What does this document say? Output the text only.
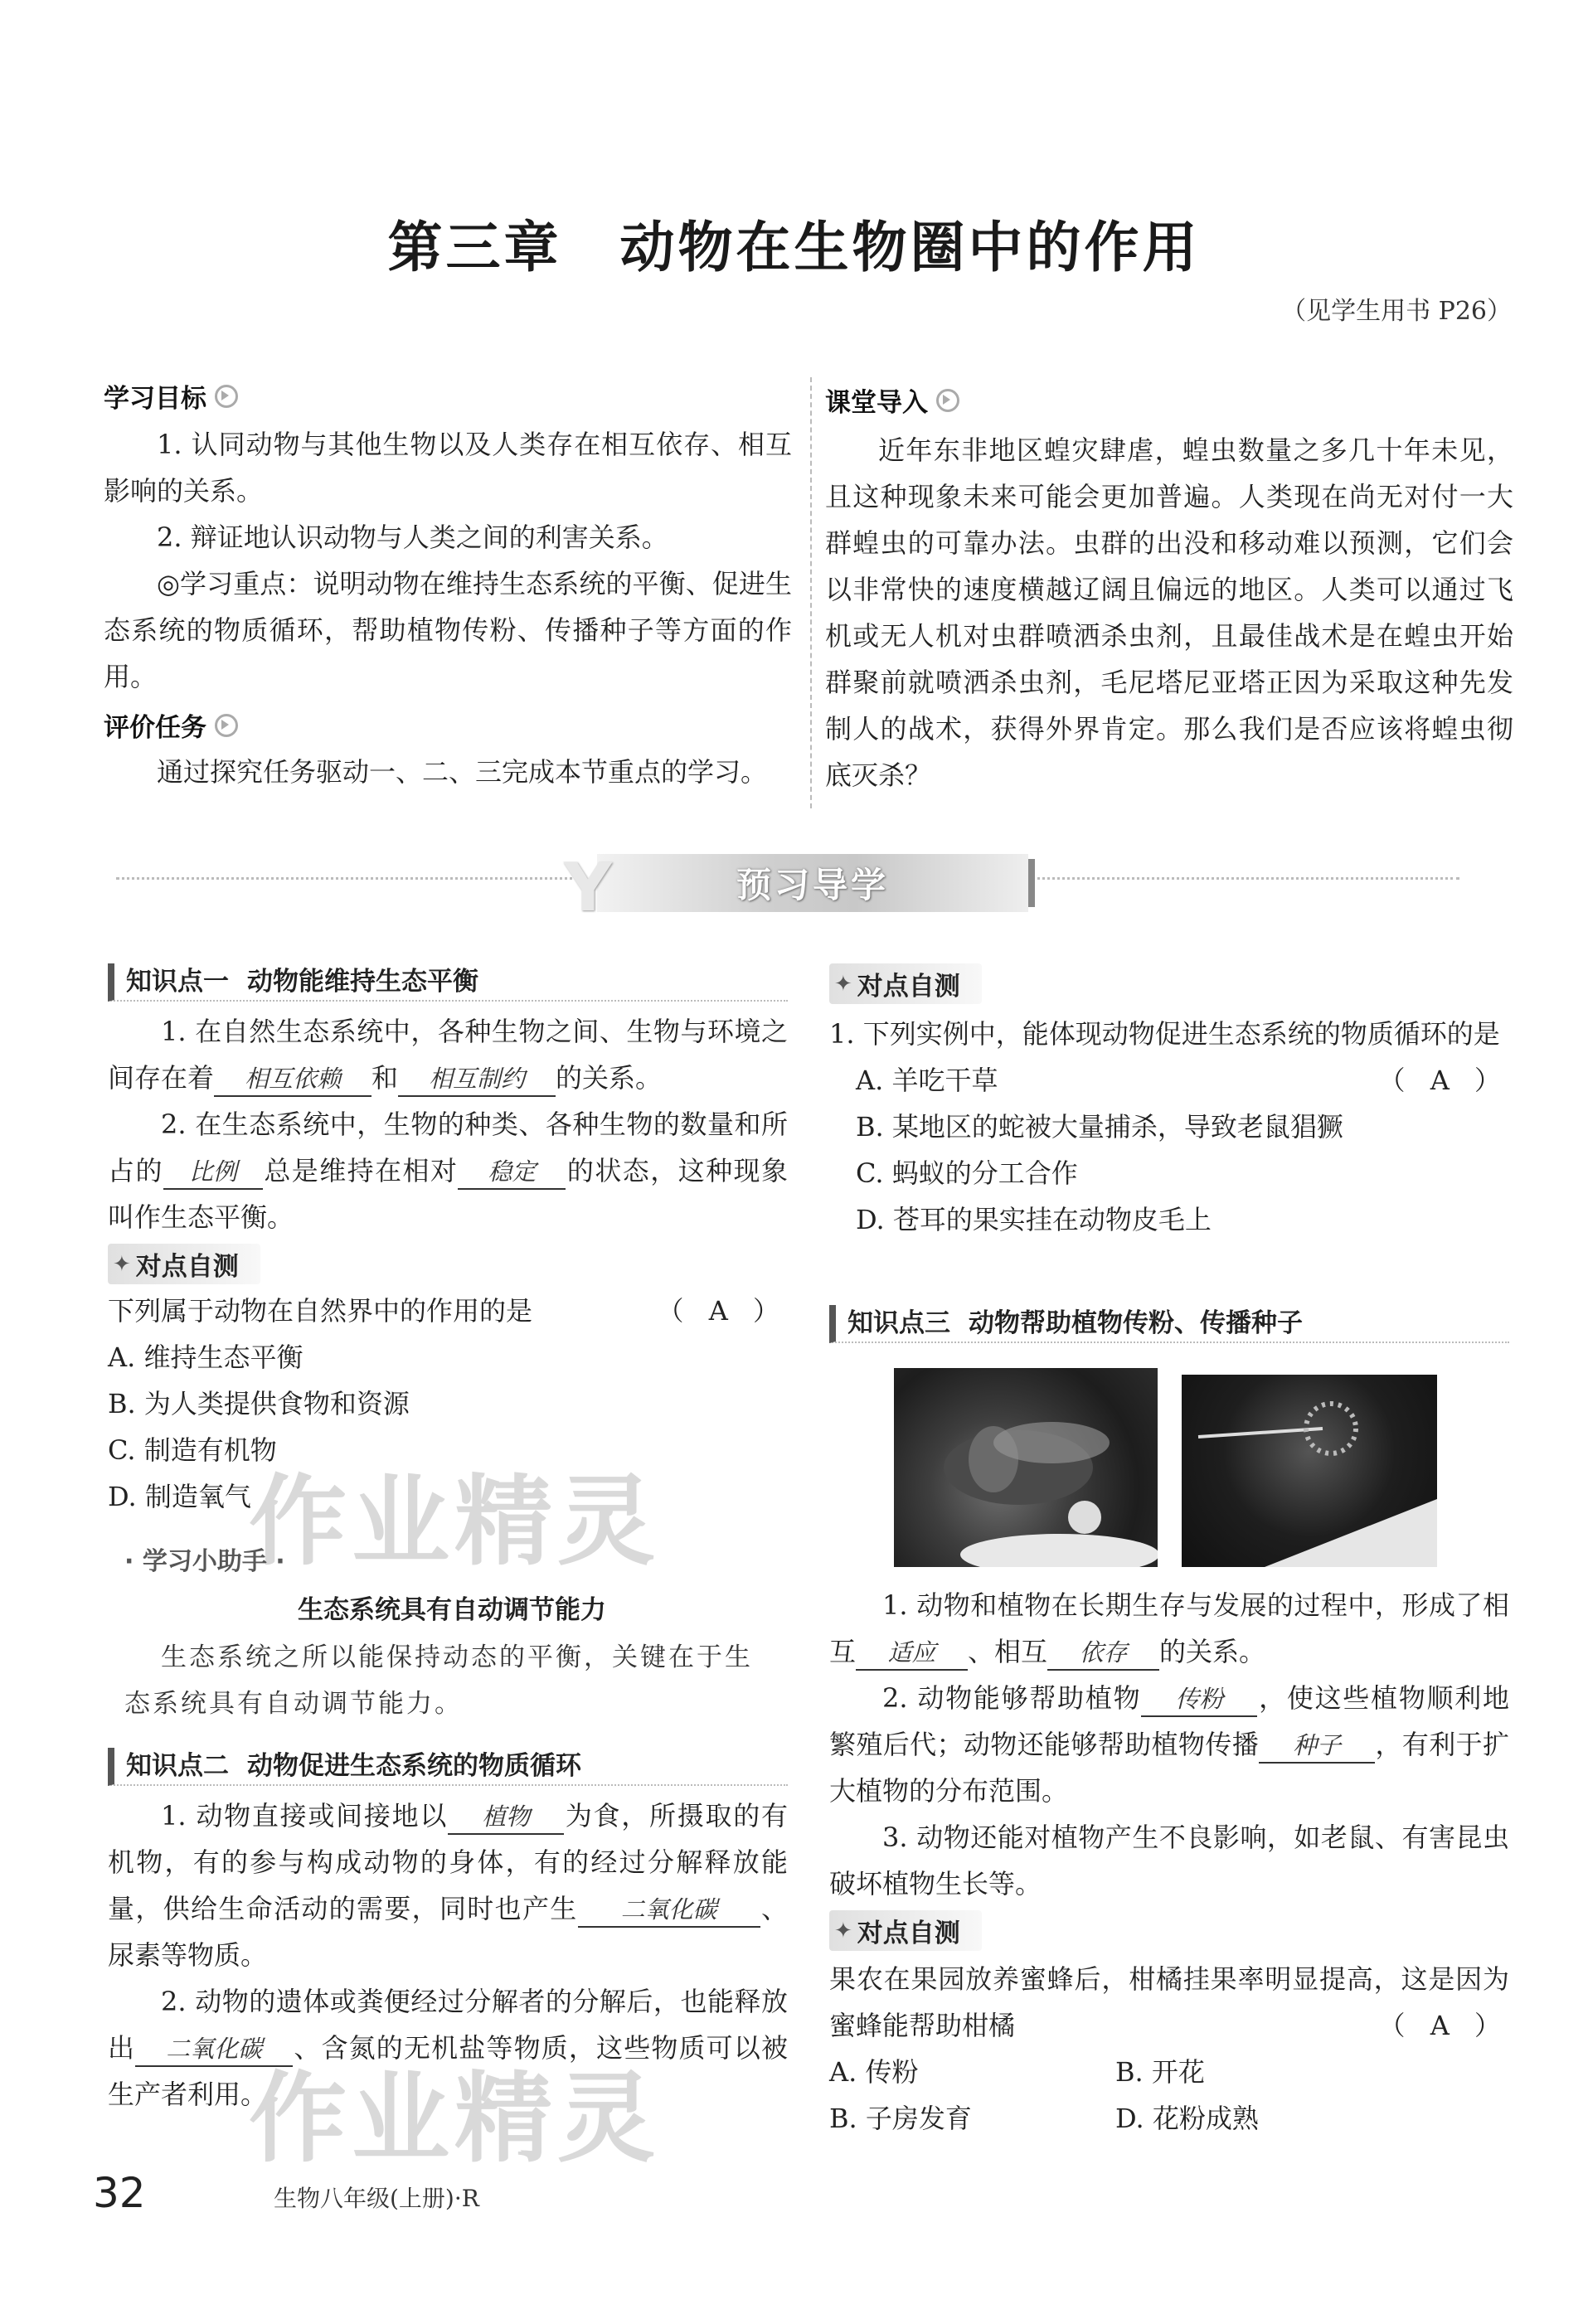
第三章　动物在生物圈中的作用
（见学生用书 P26）
学习目标

1. 认同动物与其他生物以及人类存在相互依存、相互影响的关系。

2. 辩证地认识动物与人类之间的利害关系。

◎学习重点：说明动物在维持生态系统的平衡、促进生态系统的物质循环，帮助植物传粉、传播种子等方面的作用。

评价任务

通过探究任务驱动一、二、三完成本节重点的学习。

课堂导入

近年东非地区蝗灾肆虐，蝗虫数量之多几十年未见，且这种现象未来可能会更加普遍。人类现在尚无对付一大群蝗虫的可靠办法。虫群的出没和移动难以预测，它们会以非常快的速度横越辽阔且偏远的地区。人类可以通过飞机或无人机对虫群喷洒杀虫剂，且最佳战术是在蝗虫开始群聚前就喷洒杀虫剂，毛尼塔尼亚塔正因为采取这种先发制人的战术，获得外界肯定。那么我们是否应该将蝗虫彻底灭杀？

Y	预习导学
知识点一 动物能维持生态平衡

1. 在自然生态系统中，各种生物之间、生物与环境之间存在着 相互依赖 和 相互制约 的关系。

2. 在生态系统中，生物的种类、各种生物的数量和所占的 比例 总是维持在相对 稳定 的状态，这种现象叫作生态平衡。

✦ 对点自测

下列属于动物在自然界中的作用的是	（ A ）

A. 维持生态平衡

B. 为人类提供食物和资源

C. 制造有机物

D. 制造氧气

作业精灵
· 学习小助手 ·
生态系统具有自动调节能力
生态系统之所以能保持动态的平衡，关键在于生态系统具有自动调节能力。
知识点二 动物促进生态系统的物质循环

1. 动物直接或间接地以 植物 为食，所摄取的有机物，有的参与构成动物的身体，有的经过分解释放能量，供给生命活动的需要，同时也产生 二氧化碳 、尿素等物质。

2. 动物的遗体或粪便经过分解者的分解后，也能释放出 二氧化碳 、含氮的无机盐等物质，这些物质可以被生产者利用。

作业精灵
✦ 对点自测

1. 下列实例中，能体现动物促进生态系统的物质循环的是
（ A ）

A. 羊吃干草

B. 某地区的蛇被大量捕杀，导致老鼠猖獗

C. 蚂蚁的分工合作

D. 苍耳的果实挂在动物皮毛上

知识点三 动物帮助植物传粉、传播种子

1. 动物和植物在长期生存与发展的过程中，形成了相互 适应 、相互 依存 的关系。

2. 动物能够帮助植物 传粉 ，使这些植物顺利地繁殖后代；动物还能够帮助植物传播 种子 ，有利于扩大植物的分布范围。

3. 动物还能对植物产生不良影响，如老鼠、有害昆虫破坏植物生长等。

✦ 对点自测

果农在果园放养蜜蜂后，柑橘挂果率明显提高，这是因为蜜蜂能帮助柑橘	（ A ）

A. 传粉	B. 开花
B. 子房发育	D. 花粉成熟
32	生物八年级(上册)·R
